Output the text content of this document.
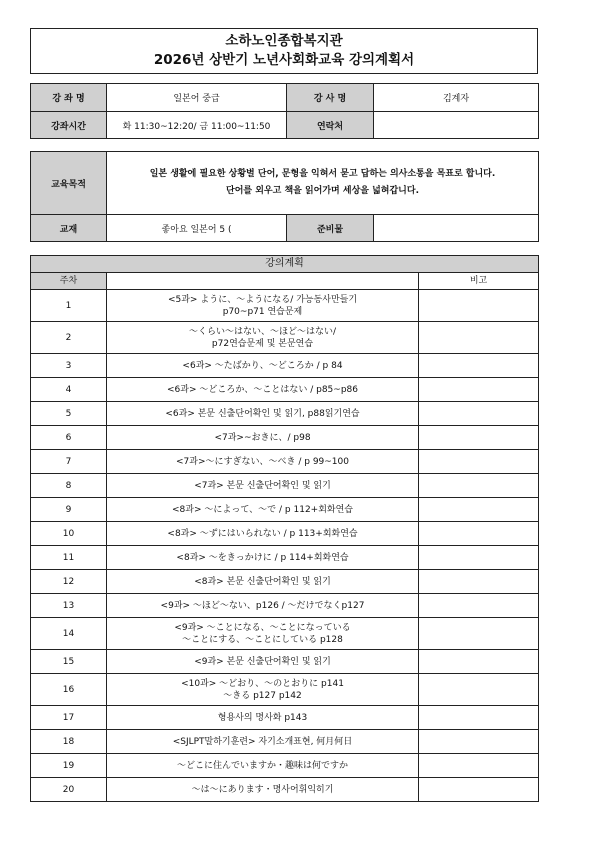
소하노인종합복지관
2026년 상반기 노년사회화교육 강의계획서
강 좌 명	일본어 중급	강 사 명	김계자
강좌시간	화 11:30~12:20/ 금 11:00~11:50	연락처	
교육목적	일본 생활에 필요한 상황별 단어, 문형을 익혀서 묻고 답하는 의사소통을 목표로 합니다.
단어를 외우고 책을 읽어가며 세상을 넓혀갑니다.		

교재	좋아요 일본어 5 (	준비물	
강의계획		
주차		비고
1	<5과> ように、～ようになる/ 가능동사만들기
p70~p71 연습문제	

2	～くらい～はない、～ほど～はない/
p72연습문제 및 본문연습	

3	<6과> ～たばかり、～どころか / p 84	

4	<6과> ～どころか、～ことはない / p85~p86	

5	<6과> 본문 신출단어확인 및 읽기, p88읽기연습	

6	<7과>~おきに、/ p98	

7	<7과>～にすぎない、～べき / p 99~100	

8	<7과> 본문 신출단어확인 및 읽기	

9	<8과> ～によって、～で / p 112+회화연습	

10	<8과> ～ずにはいられない / p 113+회화연습	

11	<8과> ～をきっかけに / p 114+회화연습	

12	<8과> 본문 신출단어확인 및 읽기	

13	<9과> ～ほど～ない、p126 / ～だけでなくp127	

14	<9과> ～ことになる、～ことになっている
～ことにする、～ことにしている p128	

15	<9과> 본문 신출단어확인 및 읽기	

16	<10과> ～どおり、～のとおりに p141
～きる p127 p142	

17	형용사의 명사화 p143	

18	<SJLPT말하기훈련> 자기소개표현, 何月何日	

19	～どこに住んでいますか・趣味は何ですか	

20	～は～にあります・명사어휘익히기	
